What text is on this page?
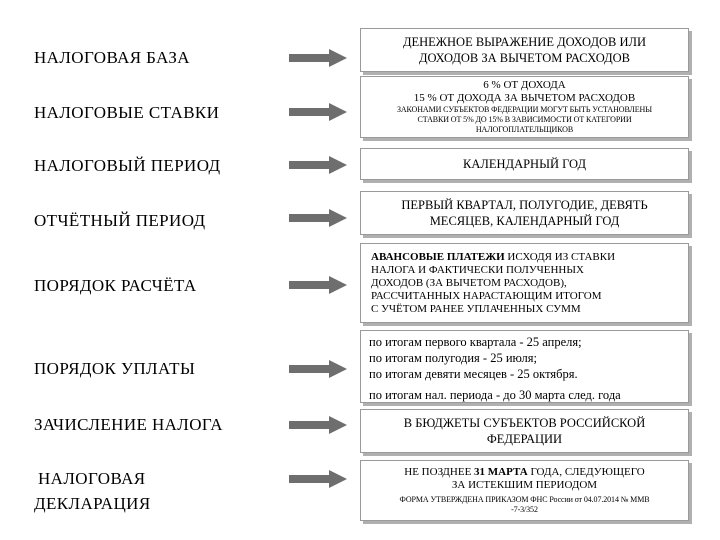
НАЛОГОВАЯ БАЗА
НАЛОГОВЫЕ СТАВКИ
НАЛОГОВЫЙ ПЕРИОД
ОТЧЁТНЫЙ ПЕРИОД
ПОРЯДОК РАСЧЁТА
ПОРЯДОК УПЛАТЫ
ЗАЧИСЛЕНИЕ НАЛОГА
НАЛОГОВАЯ
ДЕКЛАРАЦИЯ
ДЕНЕЖНОЕ ВЫРАЖЕНИЕ ДОХОДОВ ИЛИ
ДОХОДОВ ЗА ВЫЧЕТОМ РАСХОДОВ
6 % ОТ ДОХОДА
15 % ОТ ДОХОДА ЗА ВЫЧЕТОМ РАСХОДОВ
ЗАКОНАМИ СУБЪЕКТОВ ФЕДЕРАЦИИ МОГУТ БЫТЬ УСТАНОВЛЕНЫ
СТАВКИ ОТ 5% ДО 15% В ЗАВИСИМОСТИ ОТ КАТЕГОРИИ
НАЛОГОПЛАТЕЛЬЩИКОВ
КАЛЕНДАРНЫЙ ГОД
ПЕРВЫЙ КВАРТАЛ, ПОЛУГОДИЕ, ДЕВЯТЬ
МЕСЯЦЕВ, КАЛЕНДАРНЫЙ ГОД
АВАНСОВЫЕ ПЛАТЕЖИ ИСХОДЯ ИЗ СТАВКИ
НАЛОГА И ФАКТИЧЕСКИ ПОЛУЧЕННЫХ
ДОХОДОВ (ЗА ВЫЧЕТОМ РАСХОДОВ),
РАССЧИТАННЫХ НАРАСТАЮЩИМ ИТОГОМ
С УЧЁТОМ РАНЕЕ УПЛАЧЕННЫХ СУММ
по итогам первого квартала - 25 апреля;
по итогам полугодия - 25 июля;
по итогам девяти месяцев - 25 октября.
по итогам нал. периода - до 30 марта след. года
В БЮДЖЕТЫ СУБЪЕКТОВ РОССИЙСКОЙ
ФЕДЕРАЦИИ
НЕ ПОЗДНЕЕ 31 МАРТА ГОДА, СЛЕДУЮЩЕГО
ЗА ИСТЕКШИМ ПЕРИОДОМ
ФОРМА УТВЕРЖДЕНА ПРИКАЗОМ ФНС России от 04.07.2014 № ММВ
-7-3/352
